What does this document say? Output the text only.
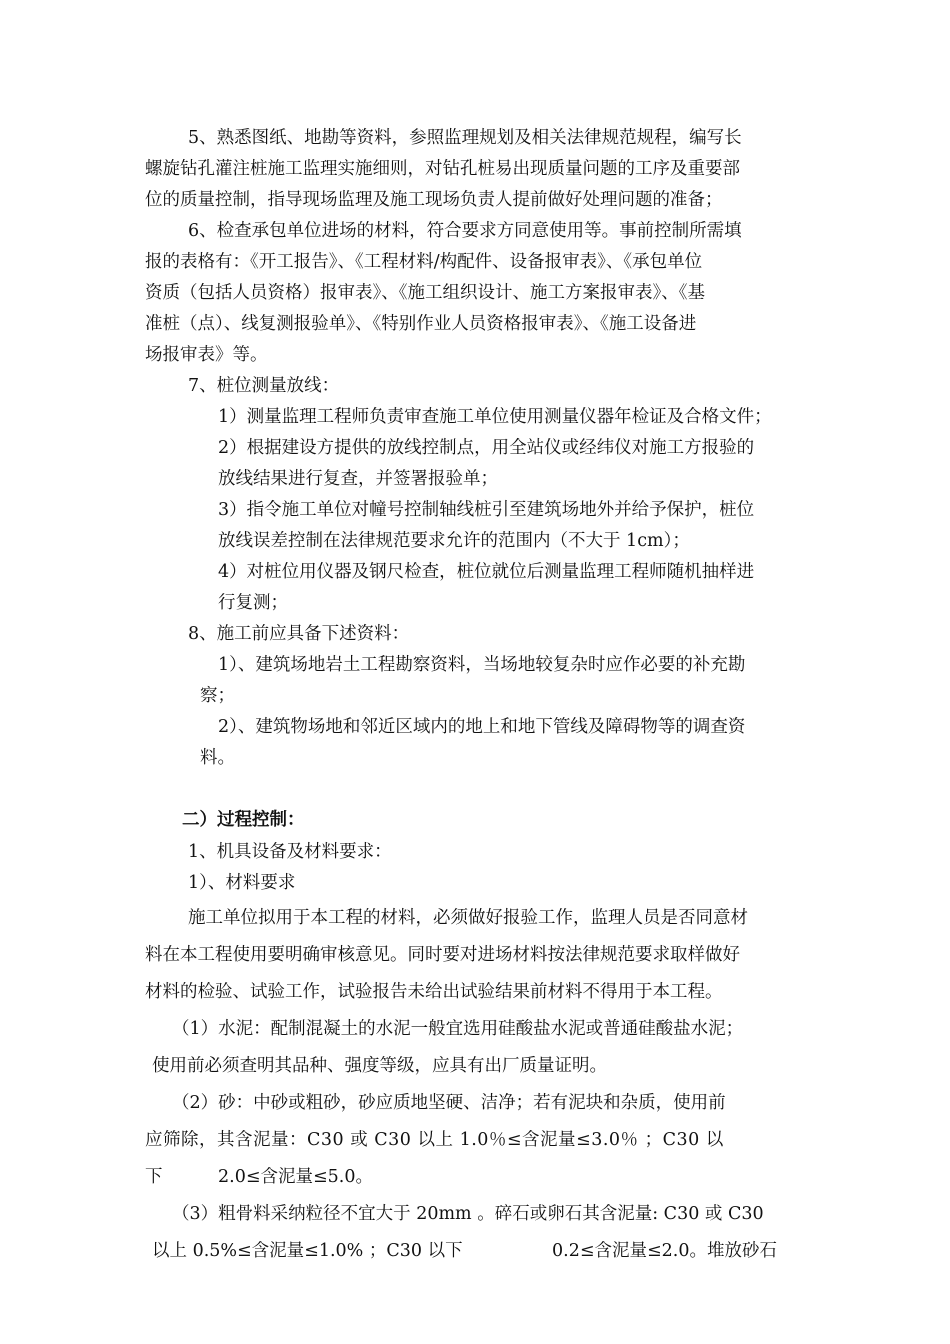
5、熟悉图纸、地勘等资料，参照监理规划及相关法律规范规程，编写长
螺旋钻孔灌注桩施工监理实施细则，对钻孔桩易出现质量问题的工序及重要部
位的质量控制，指导现场监理及施工现场负责人提前做好处理问题的准备；
6、检查承包单位进场的材料，符合要求方同意使用等。事前控制所需填
报的表格有：《开工报告》、《工程材料/构配件、设备报审表》、《承包单位
资质（包括人员资格）报审表》、《施工组织设计、施工方案报审表》、《基
准桩（点）、线复测报验单》、《特别作业人员资格报审表》、《施工设备进
场报审表》等。
7、桩位测量放线：
1）测量监理工程师负责审查施工单位使用测量仪器年检证及合格文件；
2）根据建设方提供的放线控制点，用全站仪或经纬仪对施工方报验的
放线结果进行复查，并签署报验单；
3）指令施工单位对幢号控制轴线桩引至建筑场地外并给予保护，桩位
放线误差控制在法律规范要求允许的范围内（不大于 1cm）；
4）对桩位用仪器及钢尺检查，桩位就位后测量监理工程师随机抽样进
行复测；
8、施工前应具备下述资料：
1）、建筑场地岩土工程勘察资料，当场地较复杂时应作必要的补充勘
察；
2）、建筑物场地和邻近区域内的地上和地下管线及障碍物等的调查资
料。
二）过程控制：
1、机具设备及材料要求：
1）、材料要求
施工单位拟用于本工程的材料，必须做好报验工作，监理人员是否同意材
料在本工程使用要明确审核意见。同时要对进场材料按法律规范要求取样做好
材料的检验、试验工作，试验报告未给出试验结果前材料不得用于本工程。
（1）水泥：配制混凝土的水泥一般宜选用硅酸盐水泥或普通硅酸盐水泥；
使用前必须查明其品种、强度等级，应具有出厂质量证明。
（2）砂：中砂或粗砂，砂应质地坚硬、洁净；若有泥块和杂质，使用前
应筛除，其含泥量：C30 或 C30 以上 1.0％≤含泥量≤3.0％ ；C30 以
下	2.0≤含泥量≤5.0。
（3）粗骨料采纳粒径不宜大于 20mm 。碎石或卵石其含泥量: C30 或 C30
以上 0.5%≤含泥量≤1.0% ；C30 以下	0.2≤含泥量≤2.0。堆放砂石
